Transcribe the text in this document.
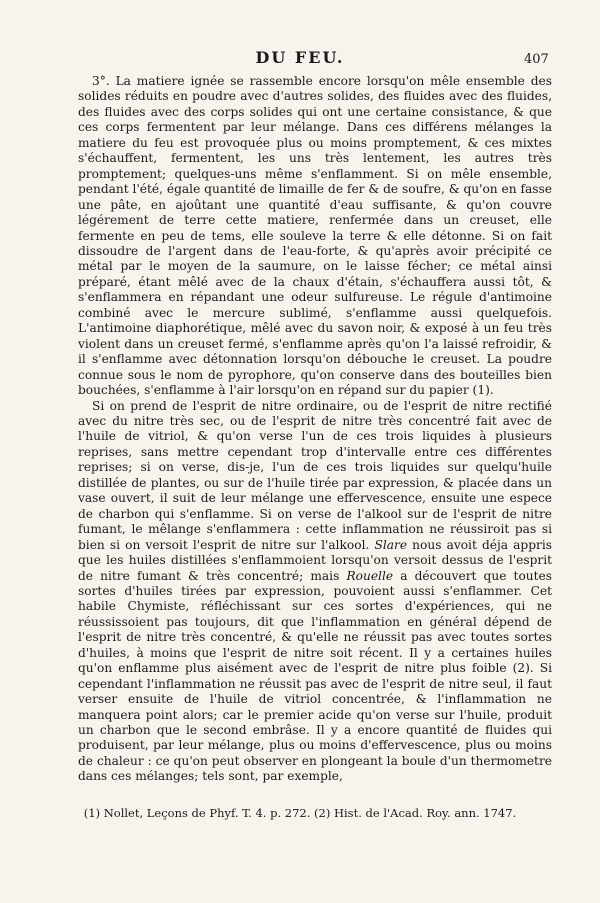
DU FEU.	407

3°. La matiere ignée se rassemble encore lorsqu'on mêle ensemble des solides réduits en poudre avec d'autres solides, des fluides avec des fluides, des fluides avec des corps solides qui ont une certaine consistance, & que ces corps fermentent par leur mélange. Dans ces différens mélanges la matiere du feu est provoquée plus ou moins promptement, & ces mixtes s'échauffent, fermentent, les uns très lentement, les autres très promptement; quelques-uns même s'enflamment. Si on mêle ensemble, pendant l'été, égale quantité de limaille de fer & de soufre, & qu'on en fasse une pâte, en ajoûtant une quantité d'eau suffisante, & qu'on couvre légérement de terre cette matiere, renfermée dans un creuset, elle fermente en peu de tems, elle souleve la terre & elle détonne. Si on fait dissoudre de l'argent dans de l'eau-forte, & qu'après avoir précipité ce métal par le moyen de la saumure, on le laisse fécher; ce métal ainsi préparé, étant mêlé avec de la chaux d'étain, s'échauffera aussi tôt, & s'enflammera en répandant une odeur sulfureuse. Le régule d'antimoine combiné avec le mercure sublimé, s'enflamme aussi quelquefois. L'antimoine diaphorétique, mêlé avec du savon noir, & exposé à un feu très violent dans un creuset fermé, s'enflamme après qu'on l'a laissé refroidir, & il s'enflamme avec détonnation lorsqu'on débouche le creuset. La poudre connue sous le nom de pyrophore, qu'on conserve dans des bouteilles bien bouchées, s'enflamme à l'air lorsqu'on en répand sur du papier (1).

Si on prend de l'esprit de nitre ordinaire, ou de l'esprit de nitre rectifié avec du nitre très sec, ou de l'esprit de nitre très concentré fait avec de l'huile de vitriol, & qu'on verse l'un de ces trois liquides à plusieurs reprises, sans mettre cependant trop d'intervalle entre ces différentes reprises; si on verse, dis-je, l'un de ces trois liquides sur quelqu'huile distillée de plantes, ou sur de l'huile tirée par expression, & placée dans un vase ouvert, il suit de leur mélange une effervescence, ensuite une espece de charbon qui s'enflamme. Si on verse de l'alkool sur de l'esprit de nitre fumant, le mêlange s'enflammera : cette inflammation ne réussiroit pas si bien si on versoit l'esprit de nitre sur l'alkool. Slare nous avoit déja appris que les huiles distillées s'enflammoient lorsqu'on versoit dessus de l'esprit de nitre fumant & très concentré; mais Rouelle a découvert que toutes sortes d'huiles tirées par expression, pouvoient aussi s'enflammer. Cet habile Chymiste, réfléchissant sur ces sortes d'expériences, qui ne réussissoient pas toujours, dit que l'inflammation en général dépend de l'esprit de nitre très concentré, & qu'elle ne réussit pas avec toutes sortes d'huiles, à moins que l'esprit de nitre soit récent. Il y a certaines huiles qu'on enflamme plus aisément avec de l'esprit de nitre plus foible (2). Si cependant l'inflammation ne réussit pas avec de l'esprit de nitre seul, il faut verser ensuite de l'huile de vitriol concentrée, & l'inflammation ne manquera point alors; car le premier acide qu'on verse sur l'huile, produit un charbon que le second embrâse. Il y a encore quantité de fluides qui produisent, par leur mélange, plus ou moins d'effervescence, plus ou moins de chaleur : ce qu'on peut observer en plongeant la boule d'un thermometre dans ces mélanges; tels sont, par exemple,

(1) Nollet, Leçons de Phyf. T. 4. p. 272. (2) Hist. de l'Acad. Roy. ann. 1747.
